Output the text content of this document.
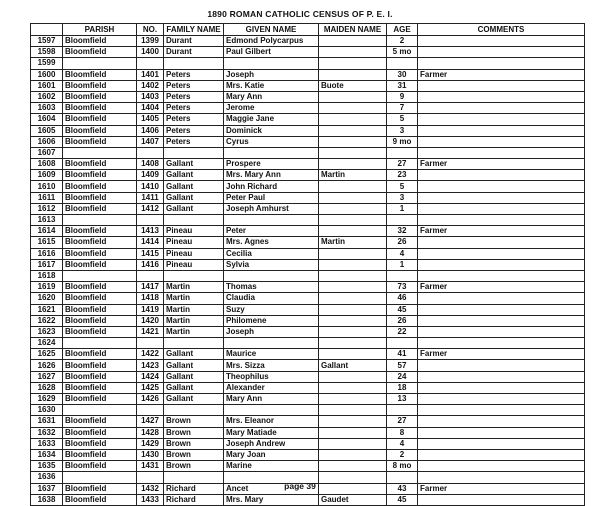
1890 ROMAN CATHOLIC CENSUS OF P. E. I.
	PARISH	NO.	FAMILY NAME	GIVEN NAME	MAIDEN NAME	AGE	COMMENTS
1597	Bloomfield	1399	Durant	Edmond Polycarpus		2	
1598	Bloomfield	1400	Durant	Paul Gilbert		5 mo	
1599							
1600	Bloomfield	1401	Peters	Joseph		30	Farmer
1601	Bloomfield	1402	Peters	Mrs. Katie	Buote	31	
1602	Bloomfield	1403	Peters	Mary Ann		9	
1603	Bloomfield	1404	Peters	Jerome		7	
1604	Bloomfield	1405	Peters	Maggie Jane		5	
1605	Bloomfield	1406	Peters	Dominick		3	
1606	Bloomfield	1407	Peters	Cyrus		9 mo	
1607							
1608	Bloomfield	1408	Gallant	Prospere		27	Farmer
1609	Bloomfield	1409	Gallant	Mrs. Mary Ann	Martin	23	
1610	Bloomfield	1410	Gallant	John Richard		5	
1611	Bloomfield	1411	Gallant	Peter Paul		3	
1612	Bloomfield	1412	Gallant	Joseph Amhurst		1	
1613							
1614	Bloomfield	1413	Pineau	Peter		32	Farmer
1615	Bloomfield	1414	Pineau	Mrs. Agnes	Martin	26	
1616	Bloomfield	1415	Pineau	Cecilia		4	
1617	Bloomfield	1416	Pineau	Sylvia		1	
1618							
1619	Bloomfield	1417	Martin	Thomas		73	Farmer
1620	Bloomfield	1418	Martin	Claudia		46	
1621	Bloomfield	1419	Martin	Suzy		45	
1622	Bloomfield	1420	Martin	Philomene		26	
1623	Bloomfield	1421	Martin	Joseph		22	
1624							
1625	Bloomfield	1422	Gallant	Maurice		41	Farmer
1626	Bloomfield	1423	Gallant	Mrs. Sizza	Gallant	57	
1627	Bloomfield	1424	Gallant	Theophilus		24	
1628	Bloomfield	1425	Gallant	Alexander		18	
1629	Bloomfield	1426	Gallant	Mary Ann		13	
1630							
1631	Bloomfield	1427	Brown	Mrs. Eleanor		27	
1632	Bloomfield	1428	Brown	Mary Matiade		8	
1633	Bloomfield	1429	Brown	Joseph Andrew		4	
1634	Bloomfield	1430	Brown	Mary Joan		2	
1635	Bloomfield	1431	Brown	Marine		8 mo	
1636							
1637	Bloomfield	1432	Richard	Ancet		43	Farmer
1638	Bloomfield	1433	Richard	Mrs. Mary	Gaudet	45	
page 39
